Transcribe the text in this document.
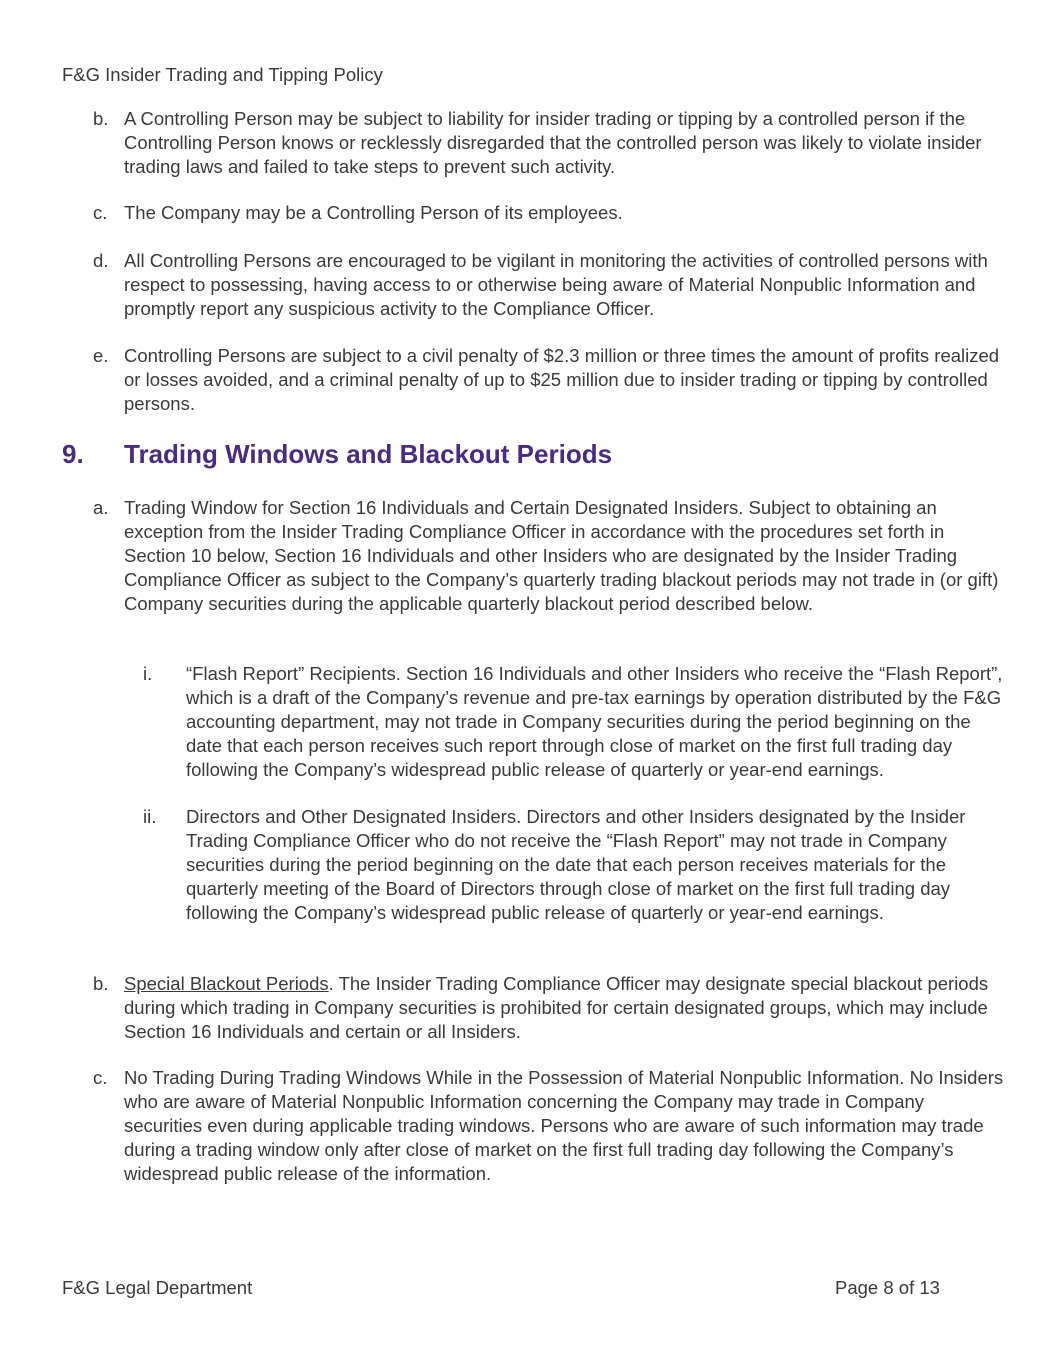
F&G Insider Trading and Tipping Policy
b. A Controlling Person may be subject to liability for insider trading or tipping by a controlled person if the Controlling Person knows or recklessly disregarded that the controlled person was likely to violate insider trading laws and failed to take steps to prevent such activity.
c. The Company may be a Controlling Person of its employees.
d. All Controlling Persons are encouraged to be vigilant in monitoring the activities of controlled persons with respect to possessing, having access to or otherwise being aware of Material Nonpublic Information and promptly report any suspicious activity to the Compliance Officer.
e. Controlling Persons are subject to a civil penalty of $2.3 million or three times the amount of profits realized or losses avoided, and a criminal penalty of up to $25 million due to insider trading or tipping by controlled persons.
9. Trading Windows and Blackout Periods
a. Trading Window for Section 16 Individuals and Certain Designated Insiders. Subject to obtaining an exception from the Insider Trading Compliance Officer in accordance with the procedures set forth in Section 10 below, Section 16 Individuals and other Insiders who are designated by the Insider Trading Compliance Officer as subject to the Company’s quarterly trading blackout periods may not trade in (or gift) Company securities during the applicable quarterly blackout period described below.
i.	“Flash Report” Recipients. Section 16 Individuals and other Insiders who receive the “Flash Report”, which is a draft of the Company’s revenue and pre-tax earnings by operation distributed by the F&G accounting department, may not trade in Company securities during the period beginning on the date that each person receives such report through close of market on the first full trading day following the Company’s widespread public release of quarterly or year-end earnings.
ii.	Directors and Other Designated Insiders. Directors and other Insiders designated by the Insider Trading Compliance Officer who do not receive the “Flash Report” may not trade in Company securities during the period beginning on the date that each person receives materials for the quarterly meeting of the Board of Directors through close of market on the first full trading day following the Company’s widespread public release of quarterly or year-end earnings.
b. Special Blackout Periods. The Insider Trading Compliance Officer may designate special blackout periods during which trading in Company securities is prohibited for certain designated groups, which may include Section 16 Individuals and certain or all Insiders.
c. No Trading During Trading Windows While in the Possession of Material Nonpublic Information. No Insiders who are aware of Material Nonpublic Information concerning the Company may trade in Company securities even during applicable trading windows. Persons who are aware of such information may trade during a trading window only after close of market on the first full trading day following the Company’s widespread public release of the information.
F&G Legal Department	Page 8 of 13
